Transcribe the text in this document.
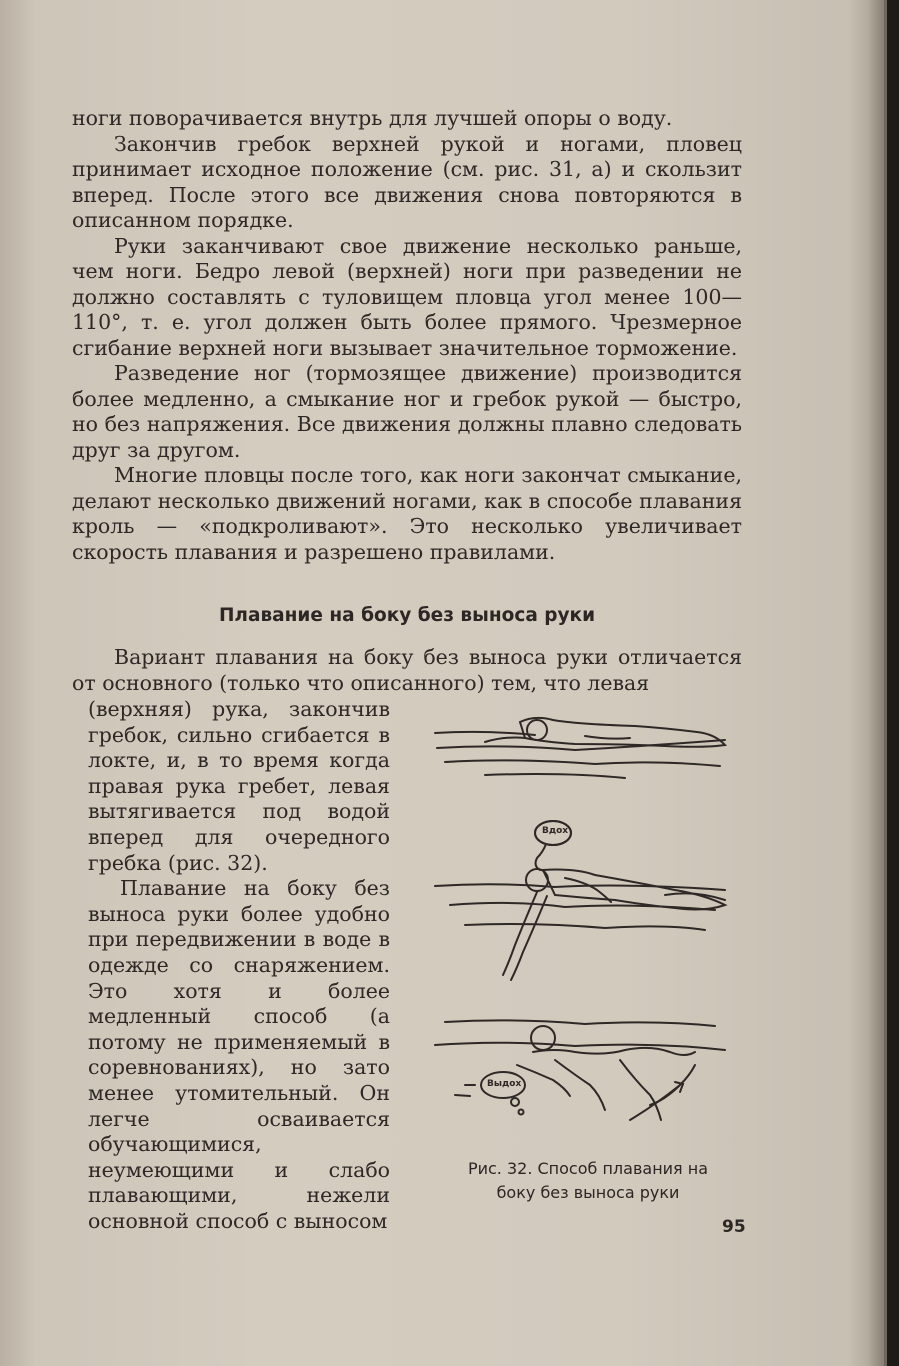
ноги поворачивается внутрь для лучшей опоры о воду.

Закончив гребок верхней рукой и ногами, пловец принимает исходное положение (см. рис. 31, а) и скользит вперед. После этого все движения снова повторяются в описанном порядке.

Руки заканчивают свое движение несколько раньше, чем ноги. Бедро левой (верхней) ноги при разведении не должно составлять с туловищем пловца угол менее 100—110°, т. е. угол должен быть более прямого. Чрезмерное сгибание верхней ноги вызывает значительное торможение.

Разведение ног (тормозящее движение) производится более медленно, а смыкание ног и гребок рукой — быстро, но без напряжения. Все движения должны плавно следовать друг за другом.

Многие пловцы после того, как ноги закончат смыкание, делают несколько движений ногами, как в способе плавания кроль — «подкроливают». Это несколько увеличивает скорость плавания и разрешено правилами.

Плавание на боку без выноса руки

Вариант плавания на боку без выноса руки отличается от основного (только что описанного) тем, что левая

(верхняя) рука, закончив гребок, сильно сгибается в локте, и, в то время когда правая рука гребет, левая вытягивается под водой вперед для очередного гребка (рис. 32).

Плавание на боку без выноса руки более удобно при передвижении в воде в одежде со снаряжением. Это хотя и более медленный способ (а потому не применяемый в соревнованиях), но зато менее утомительный. Он легче осваивается обучающимися, неумеющими и слабо плавающими, нежели основной способ с выносом

Вдох
Выдох
Рис. 32. Способ плавания на боку без выноса руки
95
